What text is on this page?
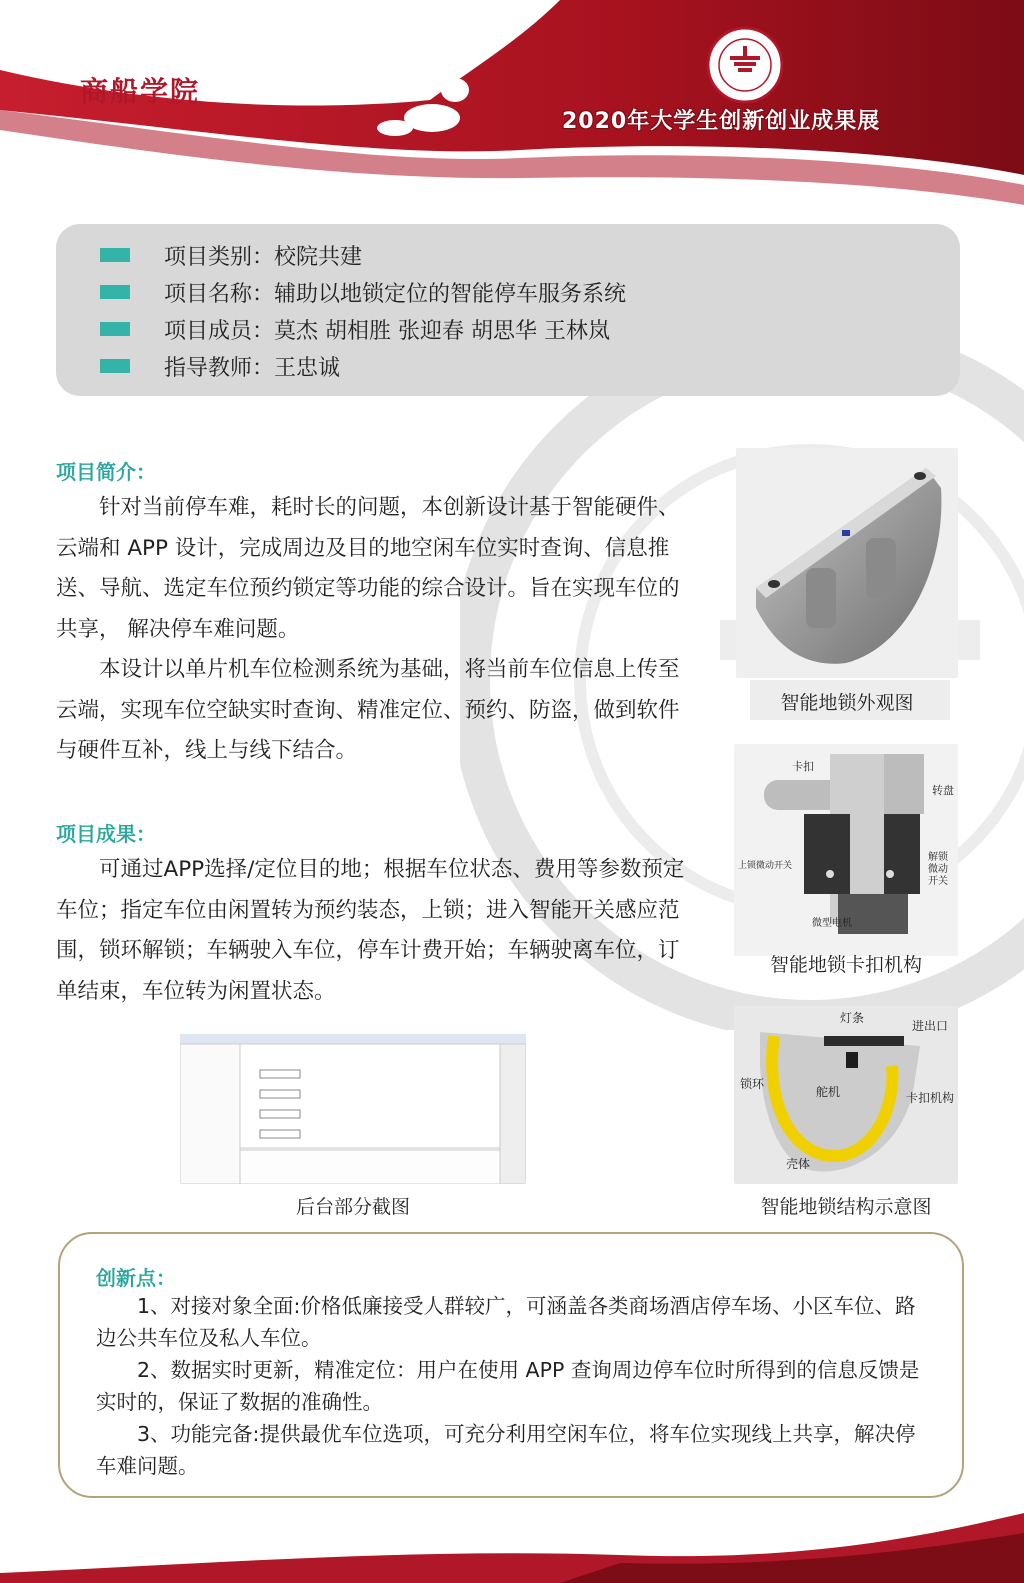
商船学院
2020年大学生创新创业成果展
项目类别：校院共建
项目名称：辅助以地锁定位的智能停车服务系统
项目成员：莫杰 胡相胜 张迎春 胡思华 王林岚
指导教师：王忠诚
项目简介：

针对当前停车难，耗时长的问题，本创新设计基于智能硬件、云端和 APP 设计，完成周边及目的地空闲车位实时查询、信息推送、导航、选定车位预约锁定等功能的综合设计。旨在实现车位的共享， 解决停车难问题。

本设计以单片机车位检测系统为基础，将当前车位信息上传至云端，实现车位空缺实时查询、精准定位、预约、防盗，做到软件与硬件互补，线上与线下结合。

项目成果：

可通过APP选择/定位目的地；根据车位状态、费用等参数预定车位；指定车位由闲置转为预约装态，上锁；进入智能开关感应范围，锁环解锁；车辆驶入车位，停车计费开始；车辆驶离车位，订单结束，车位转为闲置状态。

智能地锁外观图
卡扣
转盘
上锁微动开关
解锁
微动
开关
微型电机
智能地锁卡扣机构
灯条
进出口
锁环
舵机	卡扣机构
壳体
智能地锁结构示意图
后台部分截图
创新点：

1、对接对象全面:价格低廉接受人群较广，可涵盖各类商场酒店停车场、小区车位、路边公共车位及私人车位。

2、数据实时更新，精准定位：用户在使用 APP 查询周边停车位时所得到的信息反馈是实时的，保证了数据的准确性。

3、功能完备:提供最优车位选项，可充分利用空闲车位，将车位实现线上共享，解决停车难问题。
